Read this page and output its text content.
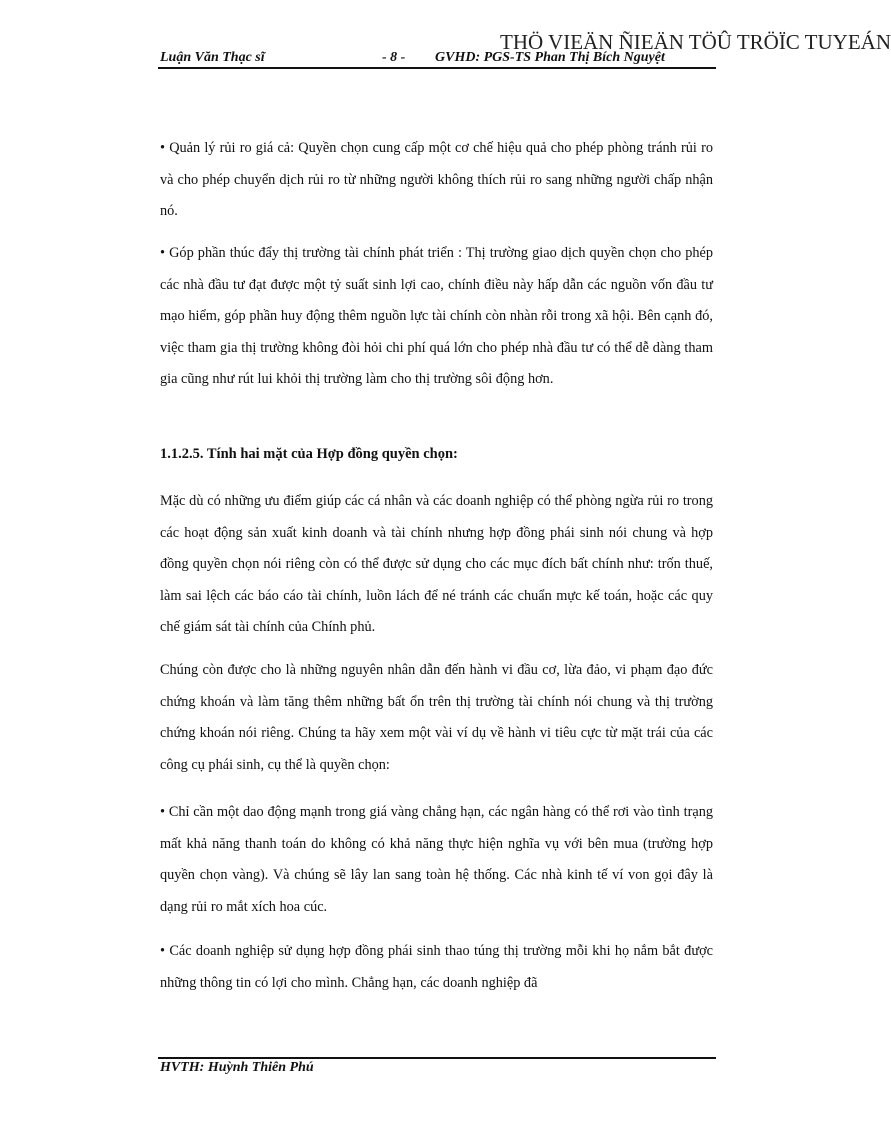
Luận Văn Thạc sĩ	- 8 - GVHD: PGS-TS Phan Thị Bích Nguyệt
THÖ VIEÄN ÑIEÄN TÖÛ TRÖÏC TUYEÁN

• Quản lý rủi ro giá cả: Quyền chọn cung cấp một cơ chế hiệu quả cho phép phòng tránh rủi ro và cho phép chuyển dịch rủi ro từ những người không thích rủi ro sang những người chấp nhận nó.

• Góp phần thúc đẩy thị trường tài chính phát triển : Thị trường giao dịch quyền chọn cho phép các nhà đầu tư đạt được một tỷ suất sinh lợi cao, chính điều này hấp dẫn các nguồn vốn đầu tư mạo hiểm, góp phần huy động thêm nguồn lực tài chính còn nhàn rỗi trong xã hội. Bên cạnh đó, việc tham gia thị trường không đòi hỏi chi phí quá lớn cho phép nhà đầu tư có thể dễ dàng tham gia cũng như rút lui khỏi thị trường làm cho thị trường sôi động hơn.

1.1.2.5. Tính hai mặt của Hợp đồng quyền chọn:

Mặc dù có những ưu điểm giúp các cá nhân và các doanh nghiệp có thể phòng ngừa rủi ro trong các hoạt động sản xuất kinh doanh và tài chính nhưng hợp đồng phái sinh nói chung và hợp đồng quyền chọn nói riêng còn có thể được sử dụng cho các mục đích bất chính như: trốn thuế, làm sai lệch các báo cáo tài chính, luồn lách để né tránh các chuẩn mực kế toán, hoặc các quy chế giám sát tài chính của Chính phủ.

Chúng còn được cho là những nguyên nhân dẫn đến hành vi đầu cơ, lừa đảo, vi phạm đạo đức chứng khoán và làm tăng thêm những bất ổn trên thị trường tài chính nói chung và thị trường chứng khoán nói riêng. Chúng ta hãy xem một vài ví dụ về hành vi tiêu cực từ mặt trái của các công cụ phái sinh, cụ thể là quyền chọn:

• Chỉ cần một dao động mạnh trong giá vàng chẳng hạn, các ngân hàng có thể rơi vào tình trạng mất khả năng thanh toán do không có khả năng thực hiện nghĩa vụ với bên mua (trường hợp quyền chọn vàng). Và chúng sẽ lây lan sang toàn hệ thống. Các nhà kinh tế ví von gọi đây là dạng rủi ro mắt xích hoa cúc.

• Các doanh nghiệp sử dụng hợp đồng phái sinh thao túng thị trường mỗi khi họ nắm bắt được những thông tin có lợi cho mình. Chẳng hạn, các doanh nghiệp đã

HVTH: Huỳnh Thiên Phú
